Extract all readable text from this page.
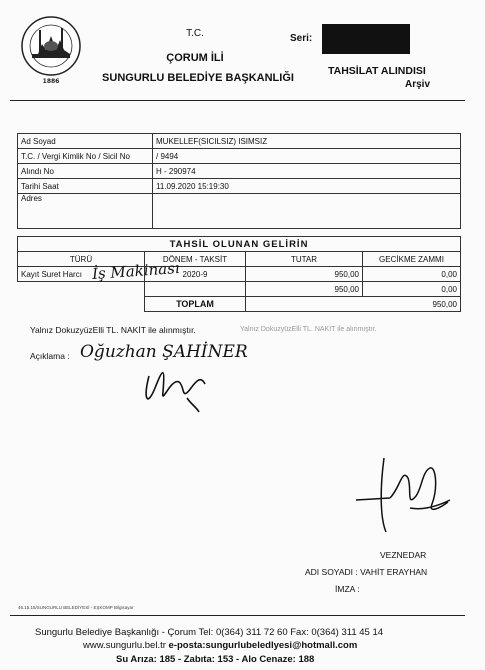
1886
T.C.
ÇORUM İLİ
SUNGURLU BELEDİYE BAŞKANLIĞI
Seri:
TAHSİLAT ALINDISI
Arşiv
Ad Soyad	MUKELLEF(SICILSIZ) ISIMSIZ
T.C. / Vergi Kimlik No / Sicil No	/ 9494
Alındı No	H - 290974
Tarihi Saat	11.09.2020 15:19:30
Adres	
TAHSİL OLUNAN GELİRİN			
TÜRÜ	DÖNEM - TAKSİT	TUTAR	GECİKME ZAMMI
Kayıt Suret Harcı	2020-9	950,00	0,00
		950,00	0,00
	TOPLAM	950,00	
İş Makinası
Yalnız DokuzyüzElli TL. NAKİT ile alınmıştır.	Yalnız DokuzyüzElli TL. NAKİT ile alınmıştır.
Açıklama : Oğuzhan ŞAHİNER
VEZNEDAR
ADI SOYADI : VAHİT ERAYHAN
İMZA :
46.15.15/SUNGURLU BELEDİYESİ - EŞKOMP Bilgisayar
Sungurlu Belediye Başkanlığı - Çorum Tel: 0(364) 311 72 60 Fax: 0(364) 311 45 14
www.sungurlu.bel.tr e-posta:sungurlubeledlyesi@hotmall.com
Su Arıza: 185 - Zabıta: 153 - Alo Cenaze: 188
